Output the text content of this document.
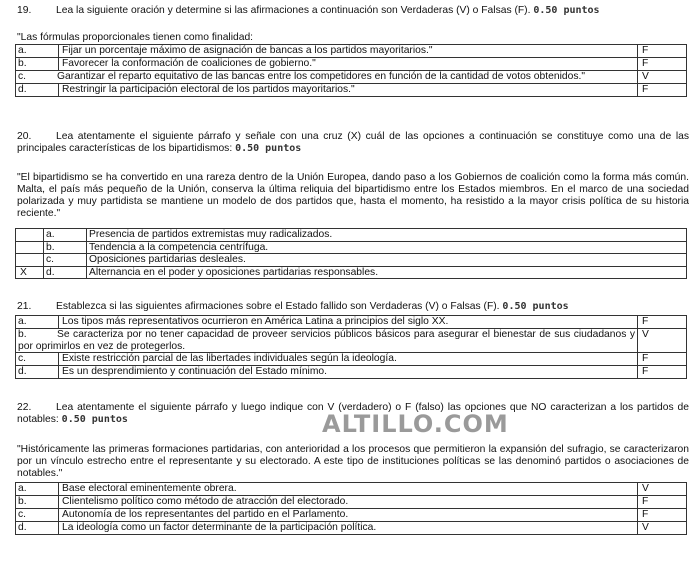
19. Lea la siguiente oración y determine si las afirmaciones a continuación son Verdaderas (V) o Falsas (F). 0.50 puntos
"Las fórmulas proporcionales tienen como finalidad:
a.	Fijar un porcentaje máximo de asignación de bancas a los partidos mayoritarios."	F
b.	Favorecer la conformación de coaliciones de gobierno."	F
c. Garantizar el reparto equitativo de las bancas entre los competidores en función de la cantidad de votos obtenidos."		V
d.	Restringir la participación electoral de los partidos mayoritarios."	F
20. Lea atentamente el siguiente párrafo y señale con una cruz (X) cuál de las opciones a continuación se constituye como una de las principales características de los bipartidismos: 0.50 puntos
"El bipartidismo se ha convertido en una rareza dentro de la Unión Europea, dando paso a los Gobiernos de coalición como la forma más común. Malta, el país más pequeño de la Unión, conserva la última reliquia del bipartidismo entre los Estados miembros. En el marco de una sociedad polarizada y muy partidista se mantiene un modelo de dos partidos que, hasta el momento, ha resistido a la mayor crisis política de su historia reciente."
	a.	Presencia de partidos extremistas muy radicalizados.
	b.	Tendencia a la competencia centrífuga.
	c.	Oposiciones partidarias desleales.
X	d.	Alternancia en el poder y oposiciones partidarias responsables.
21. Establezca si las siguientes afirmaciones sobre el Estado fallido son Verdaderas (V) o Falsas (F). 0.50 puntos
a.	Los tipos más representativos ocurrieron en América Latina a principios del siglo XX.	F
b. Se caracteriza por no tener capacidad de proveer servicios públicos básicos para asegurar el bienestar de sus ciudadanos y por oprimirlos en vez de protegerlos.		V
c.	Existe restricción parcial de las libertades individuales según la ideología.	F
d.	Es un desprendimiento y continuación del Estado mínimo.	F
22. Lea atentamente el siguiente párrafo y luego indique con V (verdadero) o F (falso) las opciones que NO caracterizan a los partidos de notables: 0.50 puntos	ALTILLO.COM
"Históricamente las primeras formaciones partidarias, con anterioridad a los procesos que permitieron la expansión del sufragio, se caracterizaron por un vínculo estrecho entre el representante y su electorado. A este tipo de instituciones políticas se las denominó partidos o asociaciones de notables."
a.	Base electoral eminentemente obrera.	V
b.	Clientelismo político como método de atracción del electorado.	F
c.	Autonomía de los representantes del partido en el Parlamento.	F
d.	La ideología como un factor determinante de la participación política.	V
